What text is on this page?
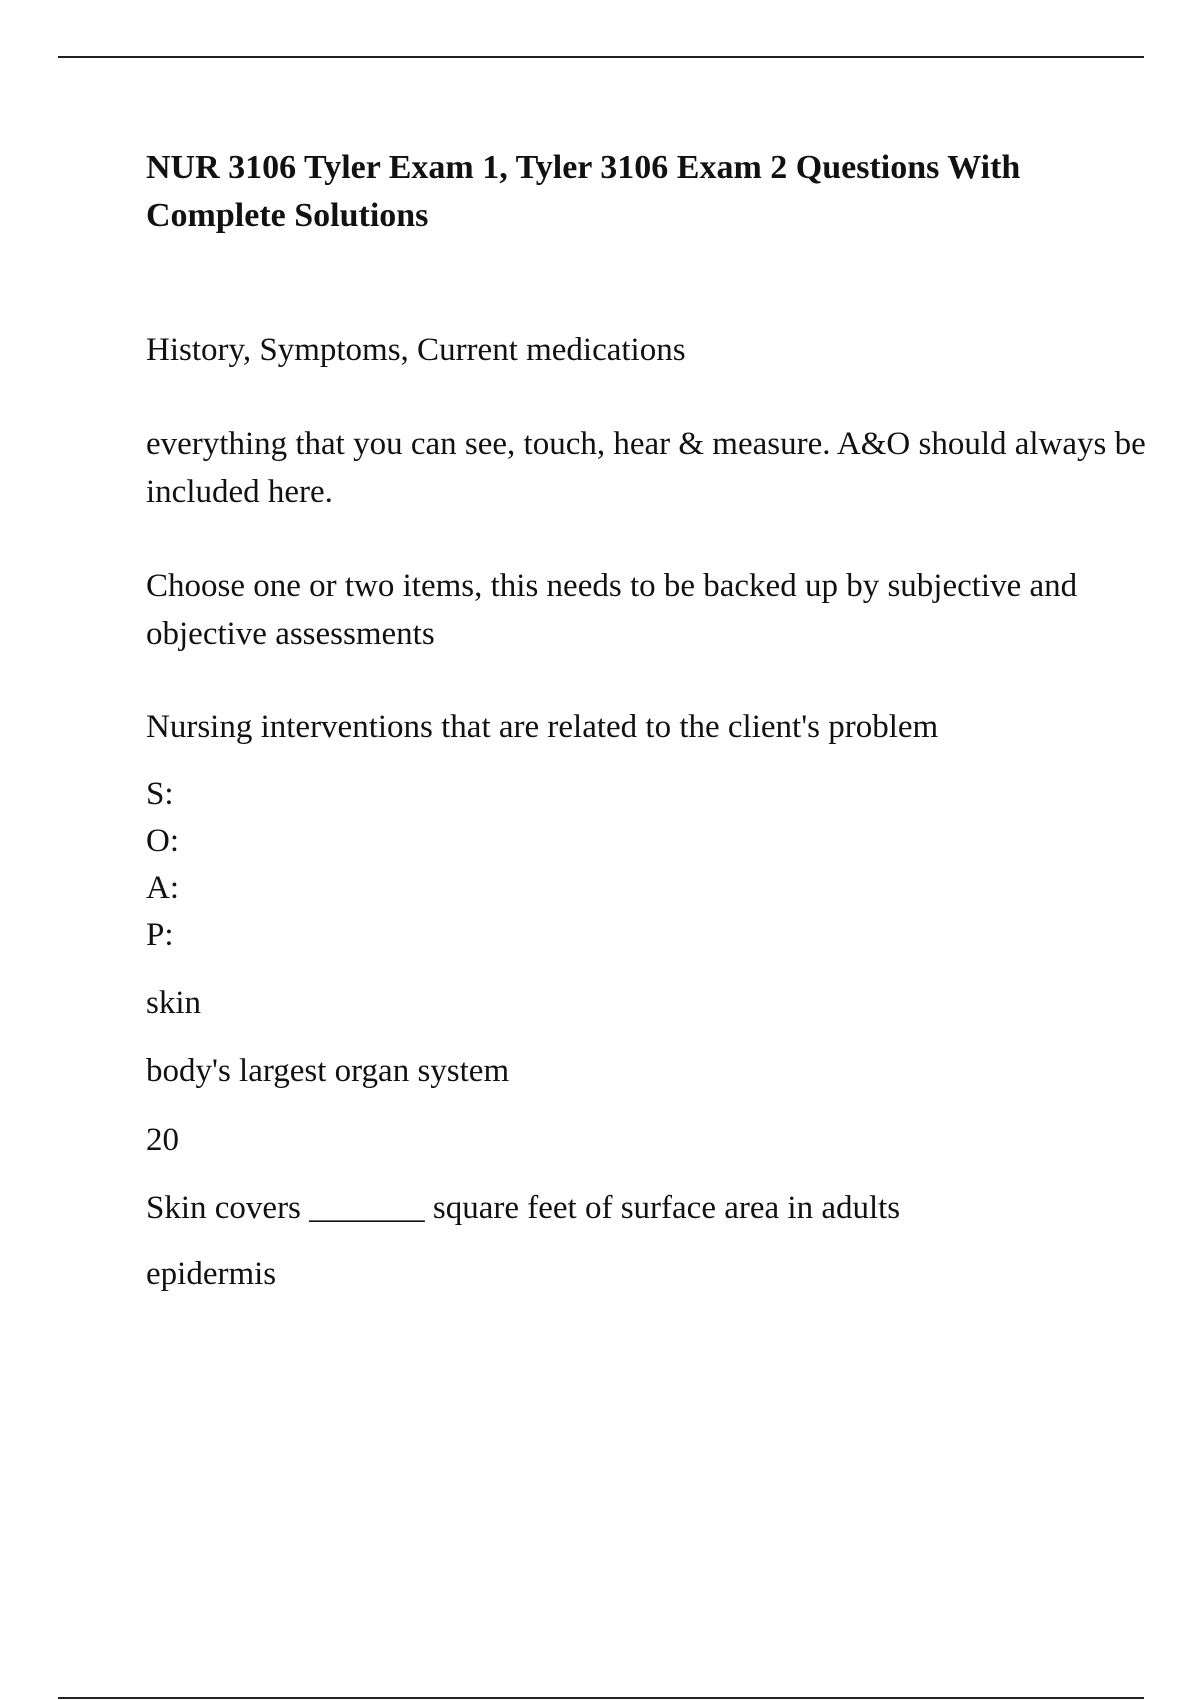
NUR 3106 Tyler Exam 1, Tyler 3106 Exam 2 Questions With Complete Solutions

History, Symptoms, Current medications

everything that you can see, touch, hear & measure. A&O should always be included here.

Choose one or two items, this needs to be backed up by subjective and objective assessments

Nursing interventions that are related to the client's problem

S:

O:

A:

P:

skin

body's largest organ system

20

Skin covers _______ square feet of surface area in adults

epidermis
